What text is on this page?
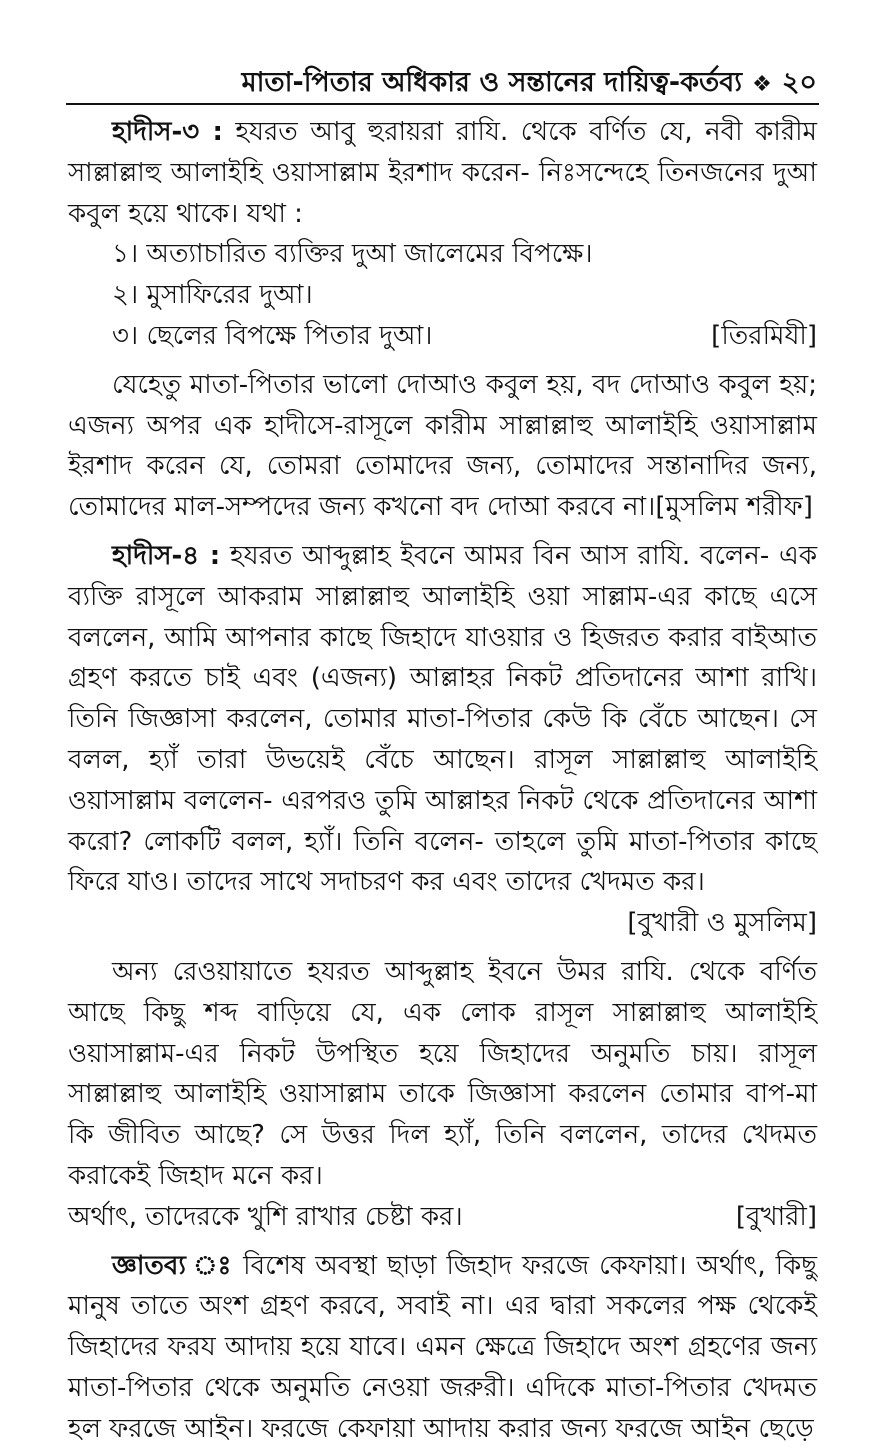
মাতা-পিতার অধিকার ও সন্তানের দায়িত্ব-কর্তব্য ❖ ২০

হাদীস-৩ : হযরত আবু হুরায়রা রাযি. থেকে বর্ণিত যে, নবী কারীম সাল্লাল্লাহু আলাইহি ওয়াসাল্লাম ইরশাদ করেন- নিঃসন্দেহে তিনজনের দুআ কবুল হয়ে থাকে। যথা :

১। অত্যাচারিত ব্যক্তির দুআ জালেমের বিপক্ষে।

২। মুসাফিরের দুআ।

৩। ছেলের বিপক্ষে পিতার দুআ।	[তিরমিযী]

যেহেতু মাতা-পিতার ভালো দোআও কবুল হয়, বদ দোআও কবুল হয়; এজন্য অপর এক হাদীসে-রাসূলে কারীম সাল্লাল্লাহু আলাইহি ওয়াসাল্লাম ইরশাদ করেন যে, তোমরা তোমাদের জন্য, তোমাদের সন্তানাদির জন্য, তোমাদের মাল-সম্পদের জন্য কখনো বদ দোআ করবে না।[মুসলিম শরীফ]

হাদীস-৪ : হযরত আব্দুল্লাহ ইবনে আমর বিন আস রাযি. বলেন- এক ব্যক্তি রাসূলে আকরাম সাল্লাল্লাহু আলাইহি ওয়া সাল্লাম-এর কাছে এসে বললেন, আমি আপনার কাছে জিহাদে যাওয়ার ও হিজরত করার বাইআত গ্রহণ করতে চাই এবং (এজন্য) আল্লাহর নিকট প্রতিদানের আশা রাখি। তিনি জিজ্ঞাসা করলেন, তোমার মাতা-পিতার কেউ কি বেঁচে আছেন। সে বলল, হ্যাঁ তারা উভয়েই বেঁচে আছেন। রাসূল সাল্লাল্লাহু আলাইহি ওয়াসাল্লাম বললেন- এরপরও তুমি আল্লাহর নিকট থেকে প্রতিদানের আশা করো? লোকটি বলল, হ্যাঁ। তিনি বলেন- তাহলে তুমি মাতা-পিতার কাছে ফিরে যাও। তাদের সাথে সদাচরণ কর এবং তাদের খেদমত কর।

[বুখারী ও মুসলিম]

অন্য রেওয়ায়াতে হযরত আব্দুল্লাহ ইবনে উমর রাযি. থেকে বর্ণিত আছে কিছু শব্দ বাড়িয়ে যে, এক লোক রাসূল সাল্লাল্লাহু আলাইহি ওয়াসাল্লাম-এর নিকট উপস্থিত হয়ে জিহাদের অনুমতি চায়। রাসূল সাল্লাল্লাহু আলাইহি ওয়াসাল্লাম তাকে জিজ্ঞাসা করলেন তোমার বাপ-মা কি জীবিত আছে? সে উত্তর দিল হ্যাঁ, তিনি বললেন, তাদের খেদমত করাকেই জিহাদ মনে কর।

অর্থাৎ, তাদেরকে খুশি রাখার চেষ্টা কর।	[বুখারী]

জ্ঞাতব্য ঃ বিশেষ অবস্থা ছাড়া জিহাদ ফরজে কেফায়া। অর্থাৎ, কিছু মানুষ তাতে অংশ গ্রহণ করবে, সবাই না। এর দ্বারা সকলের পক্ষ থেকেই জিহাদের ফরয আদায় হয়ে যাবে। এমন ক্ষেত্রে জিহাদে অংশ গ্রহণের জন্য মাতা-পিতার থেকে অনুমতি নেওয়া জরুরী। এদিকে মাতা-পিতার খেদমত হল ফরজে আইন। ফরজে কেফায়া আদায় করার জন্য ফরজে আইন ছেড়ে
